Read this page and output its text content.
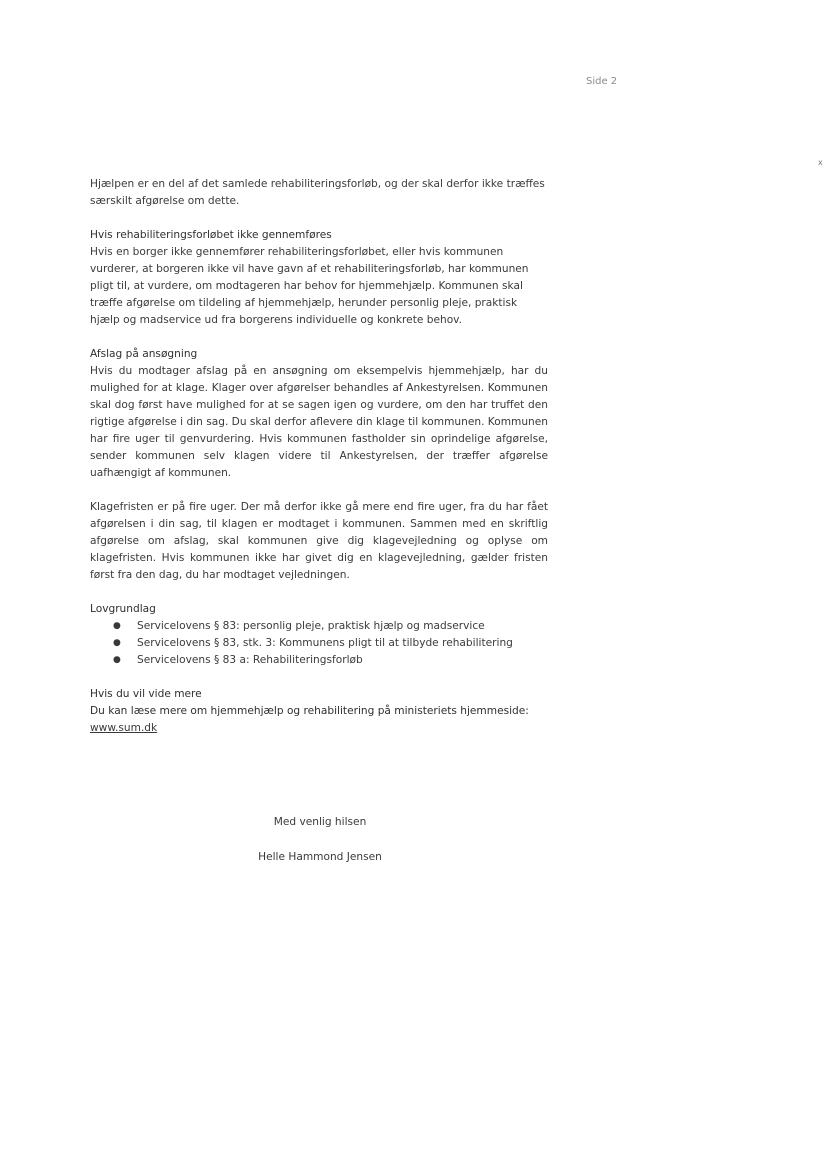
Side 2
x

Hjælpen er en del af det samlede rehabiliteringsforløb, og der skal derfor ikke træffes særskilt afgørelse om dette.

Hvis rehabiliteringsforløbet ikke gennemføres

Hvis en borger ikke gennemfører rehabiliteringsforløbet, eller hvis kommunen vurderer, at borgeren ikke vil have gavn af et rehabiliteringsforløb, har kommunen pligt til, at vurdere, om modtageren har behov for hjemmehjælp. Kommunen skal træffe afgørelse om tildeling af hjemmehjælp, herunder personlig pleje, praktisk hjælp og madservice ud fra borgerens individuelle og konkrete behov.

Afslag på ansøgning

Hvis du modtager afslag på en ansøgning om eksempelvis hjemmehjælp, har du mulighed for at klage. Klager over afgørelser behandles af Ankestyrelsen. Kommunen skal dog først have mulighed for at se sagen igen og vurdere, om den har truffet den rigtige afgørelse i din sag. Du skal derfor aflevere din klage til kommunen. Kommunen har fire uger til genvurdering. Hvis kommunen fastholder sin oprindelige afgørelse, sender kommunen selv klagen videre til Ankestyrelsen, der træffer afgørelse uafhængigt af kommunen.

Klagefristen er på fire uger. Der må derfor ikke gå mere end fire uger, fra du har fået afgørelsen i din sag, til klagen er modtaget i kommunen. Sammen med en skriftlig afgørelse om afslag, skal kommunen give dig klagevejledning og oplyse om klagefristen. Hvis kommunen ikke har givet dig en klagevejledning, gælder fristen først fra den dag, du har modtaget vejledningen.

Lovgrundlag

● Servicelovens § 83: personlig pleje, praktisk hjælp og madservice
● Servicelovens § 83, stk. 3: Kommunens pligt til at tilbyde rehabilitering
● Servicelovens § 83 a: Rehabiliteringsforløb

Hvis du vil vide mere

Du kan læse mere om hjemmehjælp og rehabilitering på ministeriets hjemmeside:

www.sum.dk
Med venlig hilsen
Helle Hammond Jensen
